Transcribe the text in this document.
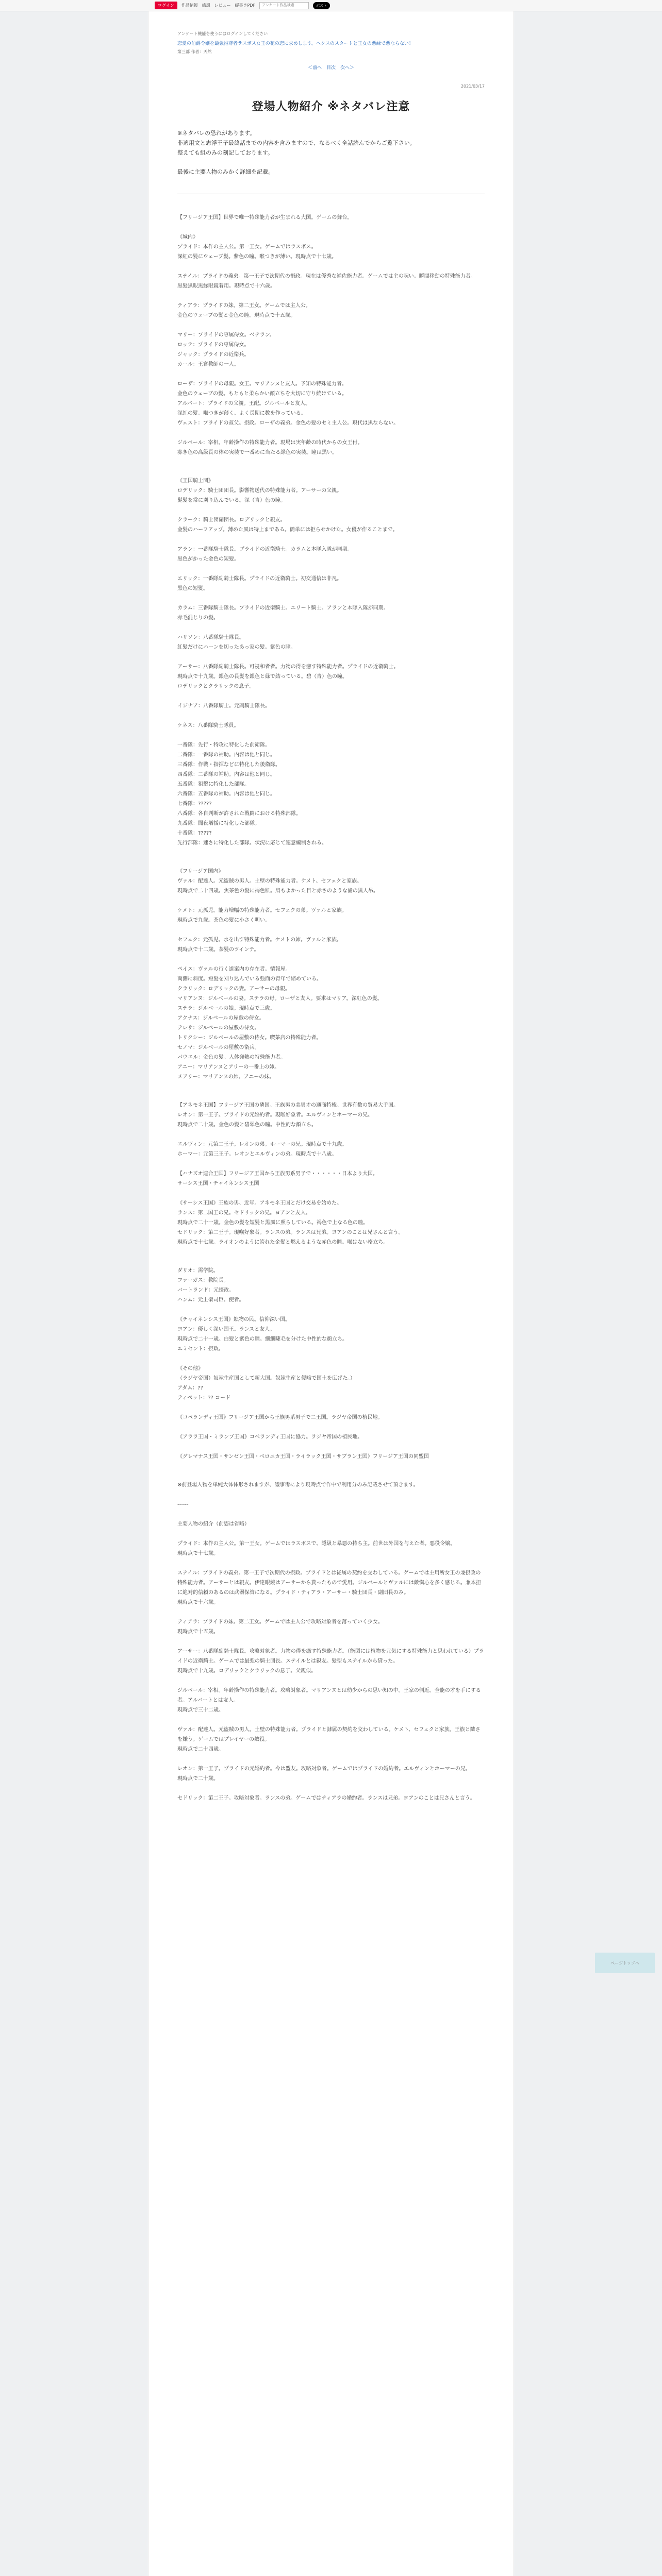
ログイン	作品情報 感想 レビュー 縦書きPDF
アンケート作品検索	ポスト
アンケート機能を使うにはログインしてください
恋愛の伯爵令嬢を最強推尊者ラスボス女王の花の恋に求めします。ヘクスのスタートと王女の悪縁で悪ならない！
第三部 作者：天然
＜前へ　目次　次へ＞
2021/03/17
登場人物紹介 ※ネタバレ注意

※ネタバレの恐れがあります。

非適用文と志浮王子最終話までの内容を含みますので、なるべく全話読んでからご覧下さい。

整えても組のみの刻記しております。

最後に主要人物のみかく詳細を記載。

【フリージア王国】世界で唯一特殊能力者が生まれる大国。ゲームの舞台。

《城内》
プライド：本作の主人公。第一王女。ゲームではラスボス。
深紅の髪にウェーブ髪。紫色の瞳。喉つきが薄い。現時点で十七歳。

ステイル：プライドの義弟。第一王子で次期代の摂政。現在は優秀な補佐能力者。ゲームでは主の呪い。瞬間移動の特殊能力者。
黒髪黒眼黒縁眼鏡着用。現時点で十六歳。

ティアラ：プライドの妹。第二王女。ゲームでは主人公。
金色のウェーブの髪と金色の瞳。現時点で十五歳。

マリー：プライドの専属侍女。ベテラン。
ロッテ：プライドの専属侍女。
ジャック：プライドの近衛兵。
カール：王宮教師の一人。

ローザ：プライドの母親。女王。マリアンヌと友人。予知の特殊能力者。
金色のウェーブの髪。もともと柔らかい顔立ちを大切に守り続けている。
アルバート：プライドの父親。王配。ジルベールと友人。
深紅の髪。喉つきが薄く、よく長期に数を作っている。
ヴェスト：プライドの叔父。摂政。ローザの義弟。金色の髪のセミ主人公。現代は黒ならない。

ジルベール：宰相。年齢操作の特殊能力者。現場は実年齢の時代からの女王付。
寡き色の高級長の体の実装で一番めに当たる緑色の実装。瞳は黒い。
《王国騎士団》
ロデリック：騎士団団長。影響物送代の特殊能力者。アーサーの父親。
髭髪を常に刈り込んでいる。深（青）色の瞳。

クラーク：騎士団副団長。ロデリックと親友。
金髪のハーフアップ。薄めた風は特上まである。簡単には拒らせかけた。女優が作ることまで。

アラン：一番隊騎士隊長。プライドの近衛騎士。カラムと本隊入隊が同期。
黒色がかった金色の短髪。

エリック：一番隊副騎士隊長。プライドの近衛騎士。初交通信は非凡。
黒色の短髪。

カラム：三番隊騎士隊長。プライドの近衛騎士。エリート騎士。アランと本隊入隊が同期。
赤毛混じりの髪。

ハリソン：八番隊騎士隊長。
紅髪だけにハーンを切ったあっ家の髪。紫色の瞳。

アーサー：八番隊副騎士隊長。可視和者者。力物の得を癒す特殊能力者。プライドの近衛騎士。
現時点で十九歳。銀色の長髪を銀色と緑で結っている。碧（青）色の瞳。
ロデリックとクラリックの息子。

イジナア：八番隊騎士。元副騎士隊長。

ケネス：八番隊騎士隊員。

一番隊：先行・特攻に特化した前衛隊。
二番隊：一番隊の補助。内容は他と同じ。
三番隊：作戦・指揮などに特化した後衛隊。
四番隊：二番隊の補助。内容は他と同じ。
五番隊：狙撃に特化した部隊。
六番隊：五番隊の補助。内容は他と同じ。
七番隊：?????
八番隊：各自判断が許された戦闘における特殊部隊。
九番隊：闇夜増援に特化した部隊。
十番隊：?????
先行部隊：速さに特化した部隊。状況に応じて連意編制される。
《フリージア国内》
ヴァル：配達人。元盗賊の男人。土壁の特殊能力者。ケメト、セフェクと家族。
現時点で二十四歳。焦茶色の髪に褐色肌。肩もよかった目と赤さのような歯の黒人吊。

ケメト：元孤児。能力増幅の特殊能力者。セフェクの弟。ヴァルと家族。
現時点で九歳。茶色の髪に小さく明い。

セフェク：元孤児。水を出す特殊能力者。ケメトの姉。ヴァルと家族。
現時点で十二歳。茶髪のツインテ。

ペイス：ヴァルの行く道案内の存在者。情報屋。
両側に斜度。短髪を刈り込んでいる強面の青年で縮めている。
クラリック：ロデリックの妻。アーサーの母親。
マリアンヌ：ジルベールの妻。ステラの母。ローザと友人。要求はマリア。深紅色の髪。
ステラ：ジルベールの娘。現時点で三歳。
アクナス：ジルベールの屋敷の侍女。
テレサ：ジルベールの屋敷の侍女。
トリクシー：ジルベールの屋敷の侍女。喫茶店の特殊能力者。
セノマ：ジルベールの屋敷の衛兵。
パウエル：金色の髪。人体発熱の特殊能力者。
アニー：マリアンヌとアリーの一番上の姉。
メアリー：マリアンヌの姉。アニーの妹。
【アネモネ王国】フリージア王国の隣国。王族男の美男才の通商特権。世界有数の貿易大手国。
レオン：第一王子。プライドの元婚約者。現喉好象者。エルヴィンとホーマーの兄。
現時点で二十歳。金色の髪と碧翠色の瞳。中性的な顔立ち。

エルヴィン：元第二王子。レオンの弟。ホーマーの兄。現時点で十九歳。
ホーマー：元第三王子。レオンとエルヴィンの弟。現時点で十八歳。

【ハナズオ連合王国】フリージア王国から王族男系男子で・・・・・・日本より大国。
サーシス王国・チャイネンシス王国

《サーシス王国》王族の男、近年。アネモネ王国とだけ交易を始めた。
ランス：第二国王の兄。セドリックの兄。ヨアンと友人。
現時点で二十一歳。金色の髪を短髪と黒風に照らしている。褐色で上なる色の瞳。
セドリック：第二王子。現喉好象者。ランスの弟。ランスは兄弟。ヨアンのことは兄さんと言う。
現時点で十七歳。ライオンのように誇れた金髪と燃えるような赤色の瞳。喉はない格立ち。
ダリオ：需学院。
ファーガス：教院長。
バートランド：元摂政。
ハンム：元上衛司臣。使者。

《チャイネンシス王国》鉱物の民。信仰深い国。
ヨアン：優しく深い国王。ランスと友人。
現時点で二十一歳。白髪と紫色の瞳。細細睫毛を分けた中性的な顔立ち。
エミセント：摂政。

《その他》
（ラジヤ帝国）奴隷生産国として新大国。奴隷生産と侵略で国土を広げた。）
アダム：??
ティペット：?? コード

《コペランディ王国》フリージア王国から王族男系男子で二王国。ラジヤ帝国の植民地。

《アララ王国・ミランブ王国》コペランディ王国に協力。ラジヤ帝国の植民地。

《グレマナス王国・サンゼン王国・ベロニカ王国・ライラック王国・サブラン王国》フリージア王国の同盟国
※前登場人物を単純大体体形されますが、議事毒により現時点で作中で利用分のみ記載させて頂きます。

------

主要人物の紹介（前姿は省略）

プライド：本作の主人公。第一王女。ゲームではラスボスで、隠級と暴悪の持ち主。前世は外国を与えた者。悪役令嬢。
現時点で十七歳。

ステイル：プライドの義弟。第一王子で次期代の摂政。プライドとは従属の契約を交わしている。ゲームでは主用所女王の兼摂政の特殊能力者。アーサーとは親友。伊達眼鏡はアーサーから貰ったもので愛用。ジルベールとヴァルには敵愾心を多く感じる。兼本担に絶対的信頼のあるのは武器保管になる。プライド・ティアラ・アーサー・騎士団長・副団長のみ。
現時点で十六歳。

ティアラ：プライドの妹。第二王女。ゲームでは主人公で攻略対象者を落っていく少女。
現時点で十五歳。

アーサー：八番隊副騎士隊長。攻略対象者。力物の得を癒す特殊能力者。（能図には植物を元気にする特殊能力と思われている）プライドの近衛騎士。ゲームでは最強の騎士団長。ステイルとは親友。髪型もステイルから貸った。
現時点で十九歳。ロデリックとクラリックの息子。父親似。

ジルベール：宰相。年齢操作の特殊能力者。攻略対象者。マリアンヌとは幼少からの思い知の中。王家の側近。全能の才を手にする者。アルバートとは友人。
現時点で三十二歳。

ヴァル：配達人。元盗賊の男人。土壁の特殊能力者。プライドと隷属の契約を交わしている。ケメト、セフェクと家族。王族と隣さを嫌う。ゲームではプレイヤーの敵役。
現時点で二十四歳。

レオン：第一王子。プライドの元婚約者。今は盟友。攻略対象者。ゲームではプライドの婚約者。エルヴィンとホーマーの兄。
現時点で二十歳。

セドリック：第二王子。攻略対象者。ランスの弟。ゲームではティアラの婚約者。ランスは兄弟。ヨアンのことは兄さんと言う。
ページトップへ
